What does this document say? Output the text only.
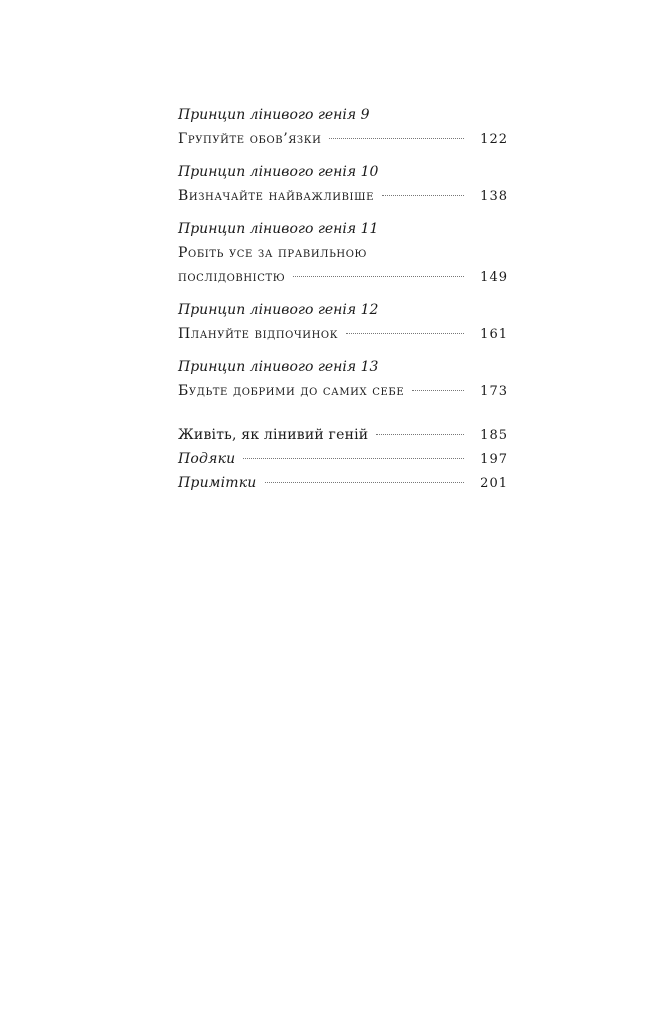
Принцип лінивого генія 9
Групуйте обов’язки	122
Принцип лінивого генія 10
Визначайте найважливіше	138
Принцип лінивого генія 11
Робіть усе за правильною
послідовністю	149
Принцип лінивого генія 12
Плануйте відпочинок	161
Принцип лінивого генія 13
Будьте добрими до самих себе	173
Живіть, як лінивий геній	185
Подяки	197
Примітки	201
